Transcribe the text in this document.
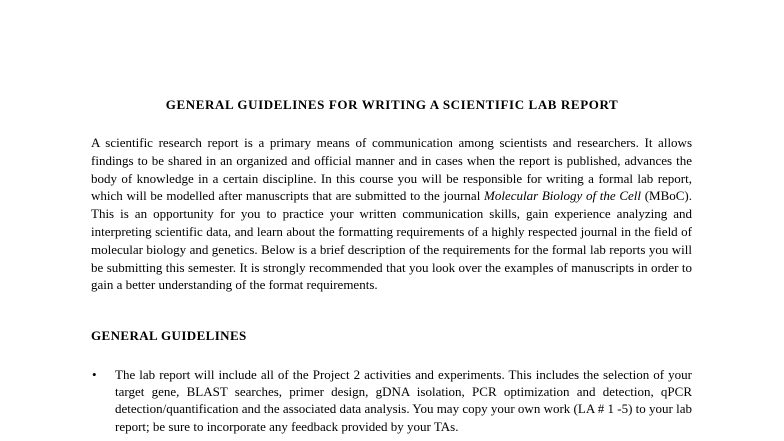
GENERAL GUIDELINES FOR WRITING A SCIENTIFIC LAB REPORT

A scientific research report is a primary means of communication among scientists and researchers. It allows findings to be shared in an organized and official manner and in cases when the report is published, advances the body of knowledge in a certain discipline. In this course you will be responsible for writing a formal lab report, which will be modelled after manuscripts that are submitted to the journal Molecular Biology of the Cell (MBoC). This is an opportunity for you to practice your written communication skills, gain experience analyzing and interpreting scientific data, and learn about the formatting requirements of a highly respected journal in the field of molecular biology and genetics. Below is a brief description of the requirements for the formal lab reports you will be submitting this semester. It is strongly recommended that you look over the examples of manuscripts in order to gain a better understanding of the format requirements.

GENERAL GUIDELINES
• The lab report will include all of the Project 2 activities and experiments. This includes the selection of your target gene, BLAST searches, primer design, gDNA isolation, PCR optimization and detection, qPCR detection/quantification and the associated data analysis. You may copy your own work (LA # 1 -5) to your lab report; be sure to incorporate any feedback provided by your TAs.
